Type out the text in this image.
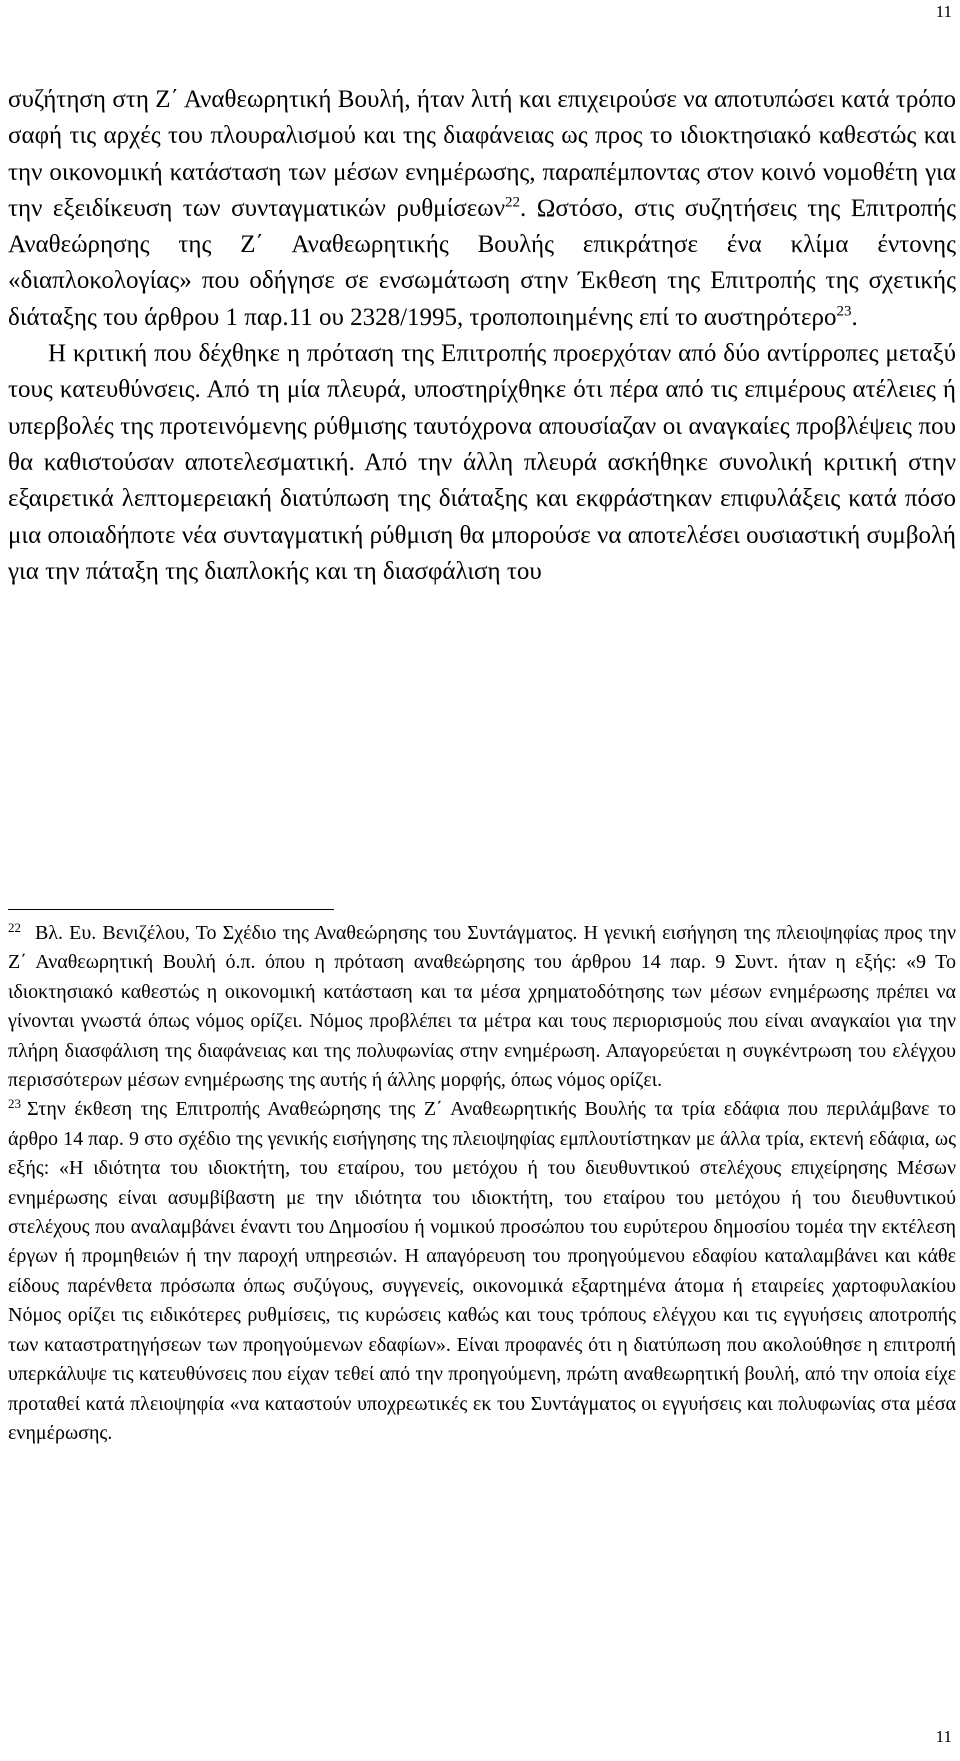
11

συζήτηση στη Ζ΄ Αναθεωρητική Βουλή, ήταν λιτή και επιχειρούσε να αποτυπώσει κατά τρόπο σαφή τις αρχές του πλουραλισμού και της διαφάνειας ως προς το ιδιοκτησιακό καθεστώς και την οικονομική κατάσταση των μέσων ενημέρωσης, παραπέμποντας στον κοινό νομοθέτη για την εξειδίκευση των συνταγματικών ρυθμίσεων$^{22}$. Ωστόσο, στις συζητήσεις της Επιτροπής Αναθεώρησης της Ζ΄ Αναθεωρητικής Βουλής επικράτησε ένα κλίμα έντονης «διαπλοκολογίας» που οδήγησε σε ενσωμάτωση στην Έκθεση της Επιτροπής της σχετικής διάταξης του άρθρου 1 παρ.11 ου 2328/1995, τροποποιημένης επί το αυστηρότερο$^{23}$.

Η κριτική που δέχθηκε η πρόταση της Επιτροπής προερχόταν από δύο αντίρροπες μεταξύ τους κατευθύνσεις. Από τη μία πλευρά, υποστηρίχθηκε ότι πέρα από τις επιμέρους ατέλειες ή υπερβολές της προτεινόμενης ρύθμισης ταυτόχρονα απουσίαζαν οι αναγκαίες προβλέψεις που θα καθιστούσαν αποτελεσματική. Από την άλλη πλευρά ασκήθηκε συνολική κριτική στην εξαιρετικά λεπτομερειακή διατύπωση της διάταξης και εκφράστηκαν επιφυλάξεις κατά πόσο μια οποιαδήποτε νέα συνταγματική ρύθμιση θα μπορούσε να αποτελέσει ουσιαστική συμβολή για την πάταξη της διαπλοκής και τη διασφάλιση του

$^{22}$ Βλ. Ευ. Βενιζέλου, Το Σχέδιο της Αναθεώρησης του Συντάγματος. Η γενική εισήγηση της πλειοψηφίας προς την Ζ΄ Αναθεωρητική Βουλή ό.π. όπου η πρόταση αναθεώρησης του άρθρου 14 παρ. 9 Συντ. ήταν η εξής: «9 Το ιδιοκτησιακό καθεστώς η οικονομική κατάσταση και τα μέσα χρηματοδότησης των μέσων ενημέρωσης πρέπει να γίνονται γνωστά όπως νόμος ορίζει. Νόμος προβλέπει τα μέτρα και τους περιορισμούς που είναι αναγκαίοι για την πλήρη διασφάλιση της διαφάνειας και της πολυφωνίας στην ενημέρωση. Απαγορεύεται η συγκέντρωση του ελέγχου περισσότερων μέσων ενημέρωσης της αυτής ή άλλης μορφής, όπως νόμος ορίζει.

$^{23}$ Στην έκθεση της Επιτροπής Αναθεώρησης της Ζ΄ Αναθεωρητικής Βουλής τα τρία εδάφια που περιλάμβανε το άρθρο 14 παρ. 9 στο σχέδιο της γενικής εισήγησης της πλειοψηφίας εμπλουτίστηκαν με άλλα τρία, εκτενή εδάφια, ως εξής: «Η ιδιότητα του ιδιοκτήτη, του εταίρου, του μετόχου ή του διευθυντικού στελέχους επιχείρησης Μέσων ενημέρωσης είναι ασυμβίβαστη με την ιδιότητα του ιδιοκτήτη, του εταίρου του μετόχου ή του διευθυντικού στελέχους που αναλαμβάνει έναντι του Δημοσίου ή νομικού προσώπου του ευρύτερου δημοσίου τομέα την εκτέλεση έργων ή προμηθειών ή την παροχή υπηρεσιών. Η απαγόρευση του προηγούμενου εδαφίου καταλαμβάνει και κάθε είδους παρένθετα πρόσωπα όπως συζύγους, συγγενείς, οικονομικά εξαρτημένα άτομα ή εταιρείες χαρτοφυλακίου Νόμος ορίζει τις ειδικότερες ρυθμίσεις, τις κυρώσεις καθώς και τους τρόπους ελέγχου και τις εγγυήσεις αποτροπής των καταστρατηγήσεων των προηγούμενων εδαφίων». Είναι προφανές ότι η διατύπωση που ακολούθησε η επιτροπή υπερκάλυψε τις κατευθύνσεις που είχαν τεθεί από την προηγούμενη, πρώτη αναθεωρητική βουλή, από την οποία είχε προταθεί κατά πλειοψηφία «να καταστούν υποχρεωτικές εκ του Συντάγματος οι εγγυήσεις και πολυφωνίας στα μέσα ενημέρωσης.

11
